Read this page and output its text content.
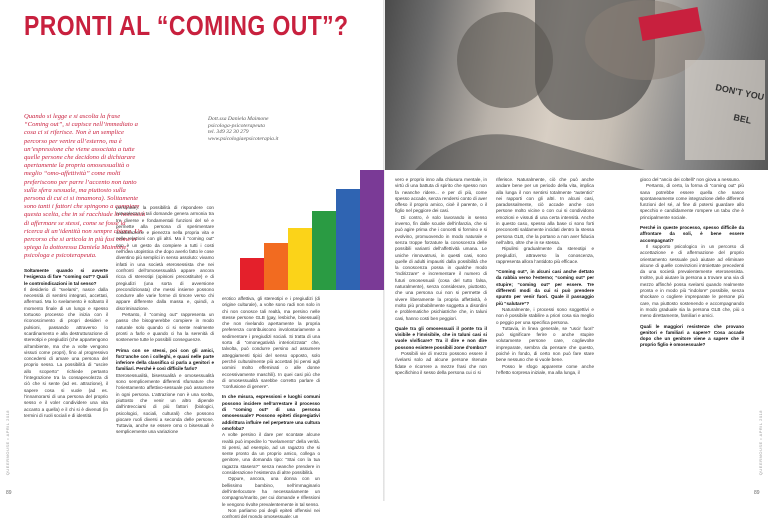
QUEERMOUSE • APRIL 2018	QUEERMOUSE • APRIL 2018
89	89
PRONTI AL “COMING OUT”?
Quando si legge e si ascolta la frase “Coming out”, si capisce nell’immediato a cosa ci si riferisce. Non è un semplice percorso per venire all’esterno, ma è un’espressione che viene associata a tutte quelle persone che decidono di dichiarare apertamente la propria omosessualità o meglio “omo-affettività” come molti preferiscono per parre l’accento non tanto sulla sfera sessuale, ma piuttosto sulla persona di cui ci si innamora). Solitamente sono tanti i fattori che spingono a compiere questa scelta, che in sé racchiude la necessità di affermare se stessi, come se fosse la ricerca di un’identità non sempre chiara. Un percorso che si articola in più fasi come ci spiega la dottoressa Daniela Maimone, psicologa e psicoterapeuta.
Dott.ssa Daniela Maimone
psicologa-psicoterapeuta
tel. 349 32 30 279
www.psicologiaepsicoterapia.it
Soltamente quando si avverte l’esigenza di fare “coming out”? Quali le controindicazioni in tal senso?
Il desiderio di “svelarsi”, nasce dalla necessità di sentirsi integrati, accettati, affermati. Ma lo svelamento è soltanto il momento finale di un lungo e spesso tortuoso processo che inizia con il riconoscimento di propri desideri e pulsioni, passando attraverso lo scardinamento e alla destrutturazione di stereotipi e pregiudizi (che appartengono all’ambiente, ma che a volte vengono vissuti come propri), fino al progressivo concedersi di amare una persona del proprio sesso. La possibilità di “uscire allo scoperto” richiede pertanto l’integrazione tra la consapevolezza di ciò che si sente (ad es. attrazione), il sapere cosa si vuole (ad es. l’innamorarsi di una persona del proprio sesso e il voler condividere una vita accanto a quella) e il chi si è divenuti (in termini di ruoli sociali e di identità
personale): la possibilità di rispondere con naturalezza a tali domande genera armonia tra tre diverse e fondamentali funzioni del sé e permette alla persona di sperimentare soddisfazione e pienezza nella propria vita e nelle relazioni con gli altri. Ma il “coming out” non è un gesto da compiere a tutti i costi nell’idea utopistica che dopo averlo fatto le cose diventino più semplici in senso assoluto: vivamo infatti in una società eterosessista che nei confronti dell’omosessualità appare ancora ricca di stereotipi (opinioni precostituite) e di pregiudizi (una sorta di avversione precondizionata) che messi insieme possono condurre alle varie forme di timore verso chi appare differente dalla massa e, quindi, a discriminazione.
Pertanto, il “coming out” rappresenta un passo che bisognerebbe compiere in modo naturale solo quando ci si sente realmente pronti a farlo e quando ci ha la serenità di sostenerne tutte le possibili conseguenze.
Prima con se stessi, poi con gli amici, forz’anche con i colleghi, e quasi nelle parte inferiore della classifica ci parla a genitori e familiari. Perché è così difficile farlo?
Eterosessualità, bisessualità e omosessualità sono semplicemente differenti sfumature che l’orientamento affettivo-sessuale può assumere in ogni persona. L’attrazione non è una scelta, piuttosto che venir un altro dipende dall’intrecciarsi di più fattori (biologici, psicologici, sociali, culturali) che possono giocare ruoli diversi a seconda delle persone. Tuttavia, anche se essere omo o bisessuali è semplicemente una variazione
erotico affettiva, gli stereotipi e i pregiudizi (di origine culturale), a volte sono radi non solo in chi non conosce tali realtà, ma persino nelle stesse persone GLB (gay, lesbiche, bisessuali) che non rivelando apertamente la propria preferenza contribuiscono involontariamente a sedimentare i pregiudizi sociali. Si tratta di una sorta di “omonegatività interiorizzata” che, talvolta, può condurre persino ad assumere atteggiamenti tipici del senso opposto, solo perché culturalmente più accettati (si pensi agli uomini molto effeminati o alle donne eccessivamente maschili). In quei casi più che di omosessualità sarebbe corretto parlare di “confusione di genere”.
In che misura, espressioni e luoghi comuni possono incidere nell’arrestare il processo di “coming out” di una persona omosessuale? Possono epiteti dispregiativi addirittura influire nel perpetrare una cultura omofoba?
A volte persino il dare per scontate alcune realtà può impedire lo “svelamento” della verità. Si pensi, ad esempio, ad un ragazzo che si sente pronto da un proprio amico, collega o genitore, una domanda tipo: “Stai con la tua ragazza stasera?” senza neanche prendere in considerazione l’esistenza di altre possibilità.
Oppure, ancora, una donna con un bellissimo bambino, nell’immaginario dell’interlocutore ha necessariamente un compagno/marito, per cui domande e riflessioni le vengono rivolte prevalentemente in tal senso.
Non parliamo poi degli epiteti offensivi nei confronti del mondo omosessuale: un
DON'T YOU
BEL
vero e proprio inno alla chiusura mentale, in virtù di una battuta di spirito che spesso non fa neanche ridere... e per di più, come spesso accade, senza rendersi conto di aver offeso il proprio amico, cioè il parente, o il figlio nel peggiore dei casi.
Di contro, è solo lavorando in senso inverso, fin dalle scuole dell’infanzia, che si può agire prima che i concetti si formino e si evolvino, promuovendo in modo naturale e senza troppe forzature la conoscenza delle possibili varianti dell’affettività umana. Le uniche rinnovatrusi, in questi casi, sono quelle di adulti impauriti dalla possibilità che la conoscenza possa in qualche modo “indirizzare” e incrementare il numero di futuri omosessuali (cosa del tutto falsa, naturalmente), senza considerare, piuttosto, che una persona cui non si permette di vivere liberamente la propria affettività, è molto più probabilmente soggetta a disordini e problematiche psichiatriche che, in taluni casi, hanno costi ben peggiori.
Quale tra gli omosessuali il ponte tra il visibile e l’invisibile, che in taluni casi si vuole vivificare? Tra il dire e non dire possono esistere possibili zone d’ombra?
Possibili vie di mezzo possono essere il rivelarsi solo ad alcune persone ritenute fidate e ricorrere a mezze frasi che non specifichino il sesso della persona cui ci si
riferisce. Naturalmente, ciò che può anche andare bene per un periodo della vita, implica alla lunga il non sentirsi totalmente “autentici” nei rapporti con gli altri. In alcuni casi, paradossalmente, ciò accade anche con persone molto vicine o con cui si condividono emozioni e vissuti di una certa intensità. Anche in questo caso, spesso alla base ci sono forti preconcetti saldamente incidati dentro la stessa persona GLB, che la portano a non aver fiducia nell’altro, oltre che in se stessa.
Ripulirsi gradualmente da stereotipi e pregiudizi, attraverso la conoscenza, rappresenta allora l’antidoto più efficace.
“Coming out”, in alcuni casi anche dettato da rabbia verso l’esterno; “coming out” per stupire; “coming out” per essere. Tre differenti modi da cui si può prendere spunto per venir fuori. Quale il passaggio più “salutare”?
Naturalmente, i processi sono soggettivi e non è possibile stabilire a priori cosa sia meglio o peggio per una specifica persona.
Tuttavia, in linea generale, se “uscir fuori” può significare ferire o anche stupire volutamente persone care, coglievolte impreparate, sembra da pensare che questo, poiché in fondo, di certo non può fare stare bene nessuno che si vuole bene.
Posso le sfogo apparente come anche l’effetto sorpresa iniziale, ma alla lunga, il
gioco del “ancio dei coltelli” non giova a nessuno.
Pertanto, di certo, la forma di “coming out” più sana potrebbe essere quella che nasce spontaneamente come integrazione delle differenti funzioni del sé, al fine di potersi guardare allo specchio e candidamente rompere un tabu che è principalmente sociale.
Perché in queste processo, spesso difficile da affrontare da soli, è bene essere accompagnati?
Il supporto psicologico in un percorso di accettazione e di affermazione del proprio orientamento sessuale può aiutare ad eliminare alcune di quelle convinzioni introiettate precedenti da una società prevalentemente eterosessista. Inoltre, può aiutare la persona a trovare una via di mezzo affinché possa svelarsi quando realmente pronta e in modo più “indolore” possibile, senza shockare o cogliere impreparate le persone più care, ma piuttosto sostenendo e accompagnando in modo graduale sia la persona GLB che, più o meno direttamente, familiari e amici.
Quali le maggiori resistenze che provano genitori e familiari a sapere? Cosa accade dopo che un genitore viene a sapere che il proprio figlio è omosessuale?
